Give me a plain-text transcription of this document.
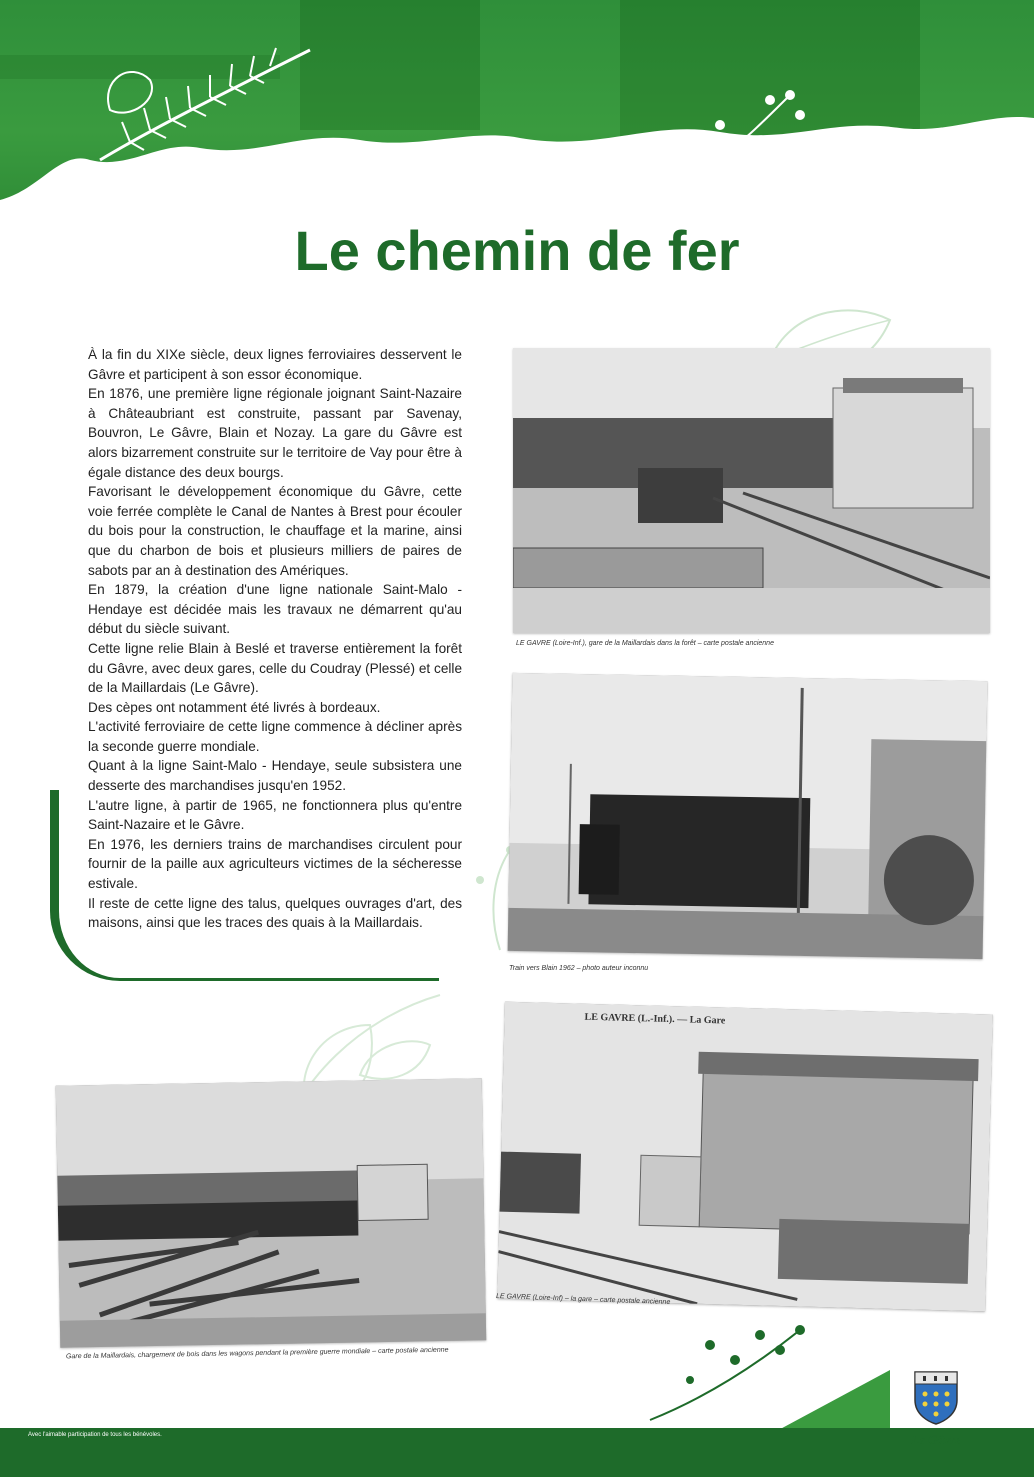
Le chemin de fer

À la fin du XIXe siècle, deux lignes ferroviaires desservent le Gâvre et participent à son essor économique.

En 1876, une première ligne régionale joignant Saint-Nazaire à Châteaubriant est construite, passant par Savenay, Bouvron, Le Gâvre, Blain et Nozay. La gare du Gâvre est alors bizarrement construite sur le territoire de Vay pour être à égale distance des deux bourgs.

Favorisant le développement économique du Gâvre, cette voie ferrée complète le Canal de Nantes à Brest pour écouler du bois pour la construction, le chauffage et la marine, ainsi que du charbon de bois et plusieurs milliers de paires de sabots par an à destination des Amériques.

En 1879, la création d'une ligne nationale Saint-Malo - Hendaye est décidée mais les travaux ne démarrent qu'au début du siècle suivant.

Cette ligne relie Blain à Beslé et traverse entièrement la forêt du Gâvre, avec deux gares, celle du Coudray (Plessé) et celle de la Maillardais (Le Gâvre).

Des cèpes ont notamment été livrés à bordeaux.

L'activité ferroviaire de cette ligne commence à décliner après la seconde guerre mondiale.

Quant à la ligne Saint-Malo - Hendaye, seule subsistera une desserte des marchandises jusqu'en 1952.

L'autre ligne, à partir de 1965, ne fonctionnera plus qu'entre Saint-Nazaire et le Gâvre.

En 1976, les derniers trains de marchandises circulent pour fournir de la paille aux agriculteurs victimes de la sécheresse estivale.

Il reste de cette ligne des talus, quelques ouvrages d'art, des maisons, ainsi que les traces des quais à la Maillardais.

LE GAVRE (Loire-Inf.), gare de la Maillardais dans la forêt – carte postale ancienne
Train vers Blain 1962 – photo auteur inconnu
Gare de la Maillardais, chargement de bois dans les wagons pendant la première guerre mondiale – carte postale ancienne
LE GAVRE (L.-Inf.). — La Gare
LE GAVRE (Loire-Inf) – la gare – carte postale ancienne
Avec l'aimable participation de tous les bénévoles.	Le Gâvre
